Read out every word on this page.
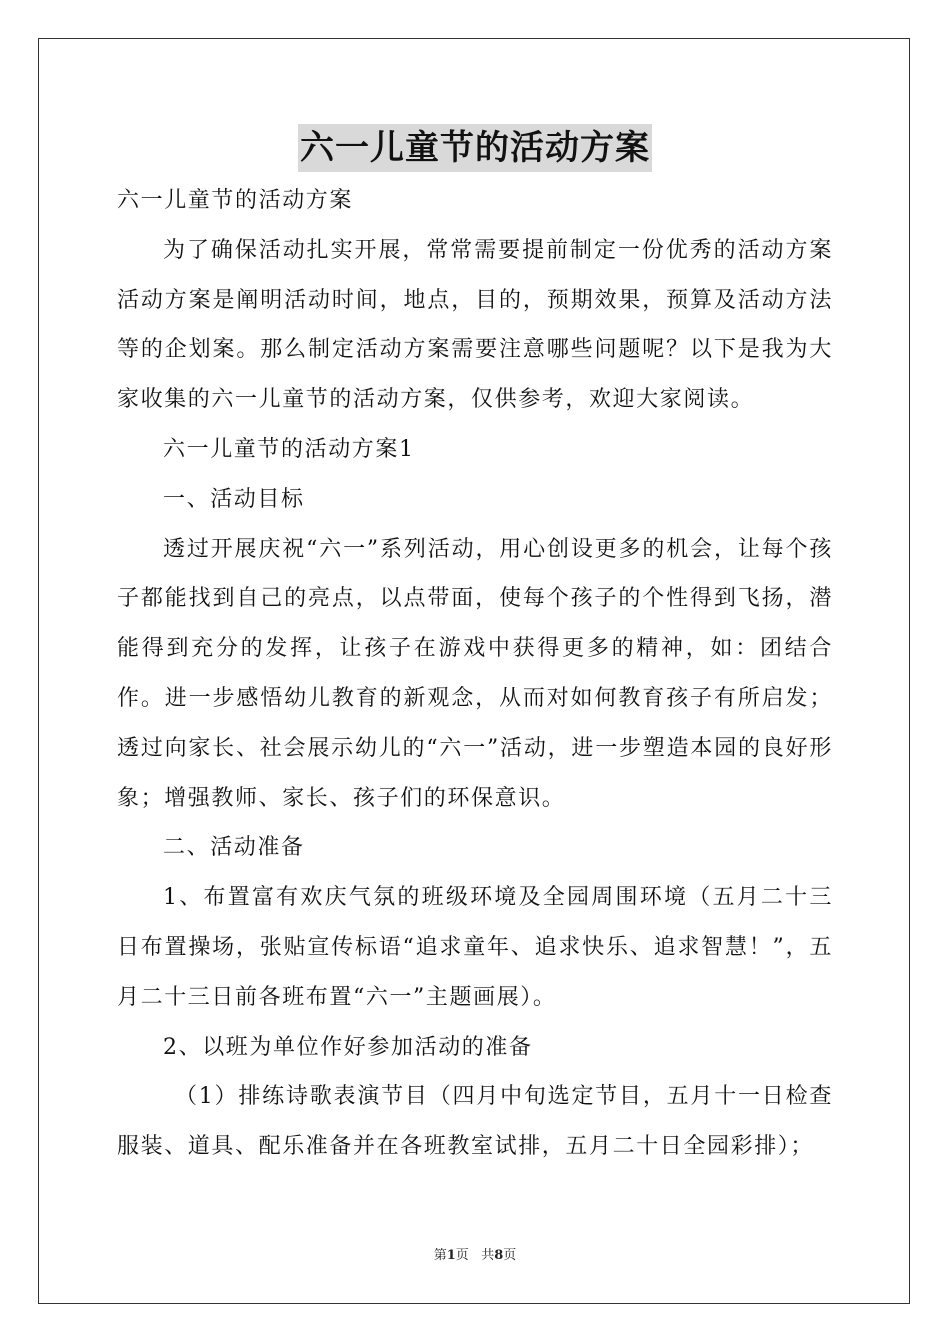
六一儿童节的活动方案

六一儿童节的活动方案

为了确保活动扎实开展，常常需要提前制定一份优秀的活动方案活动方案是阐明活动时间，地点，目的，预期效果，预算及活动方法等的企划案。那么制定活动方案需要注意哪些问题呢？以下是我为大家收集的六一儿童节的活动方案，仅供参考，欢迎大家阅读。

六一儿童节的活动方案1

一、活动目标

透过开展庆祝“六一”系列活动，用心创设更多的机会，让每个孩子都能找到自己的亮点，以点带面，使每个孩子的个性得到飞扬，潜能得到充分的发挥，让孩子在游戏中获得更多的精神，如：团结合作。进一步感悟幼儿教育的新观念，从而对如何教育孩子有所启发；透过向家长、社会展示幼儿的“六一”活动，进一步塑造本园的良好形象；增强教师、家长、孩子们的环保意识。

二、活动准备

1、布置富有欢庆气氛的班级环境及全园周围环境（五月二十三日布置操场，张贴宣传标语“追求童年、追求快乐、追求智慧！”，五月二十三日前各班布置“六一”主题画展）。

2、以班为单位作好参加活动的准备

（1）排练诗歌表演节目（四月中旬选定节目，五月十一日检查服装、道具、配乐准备并在各班教室试排，五月二十日全园彩排）；

第1页 共8页
